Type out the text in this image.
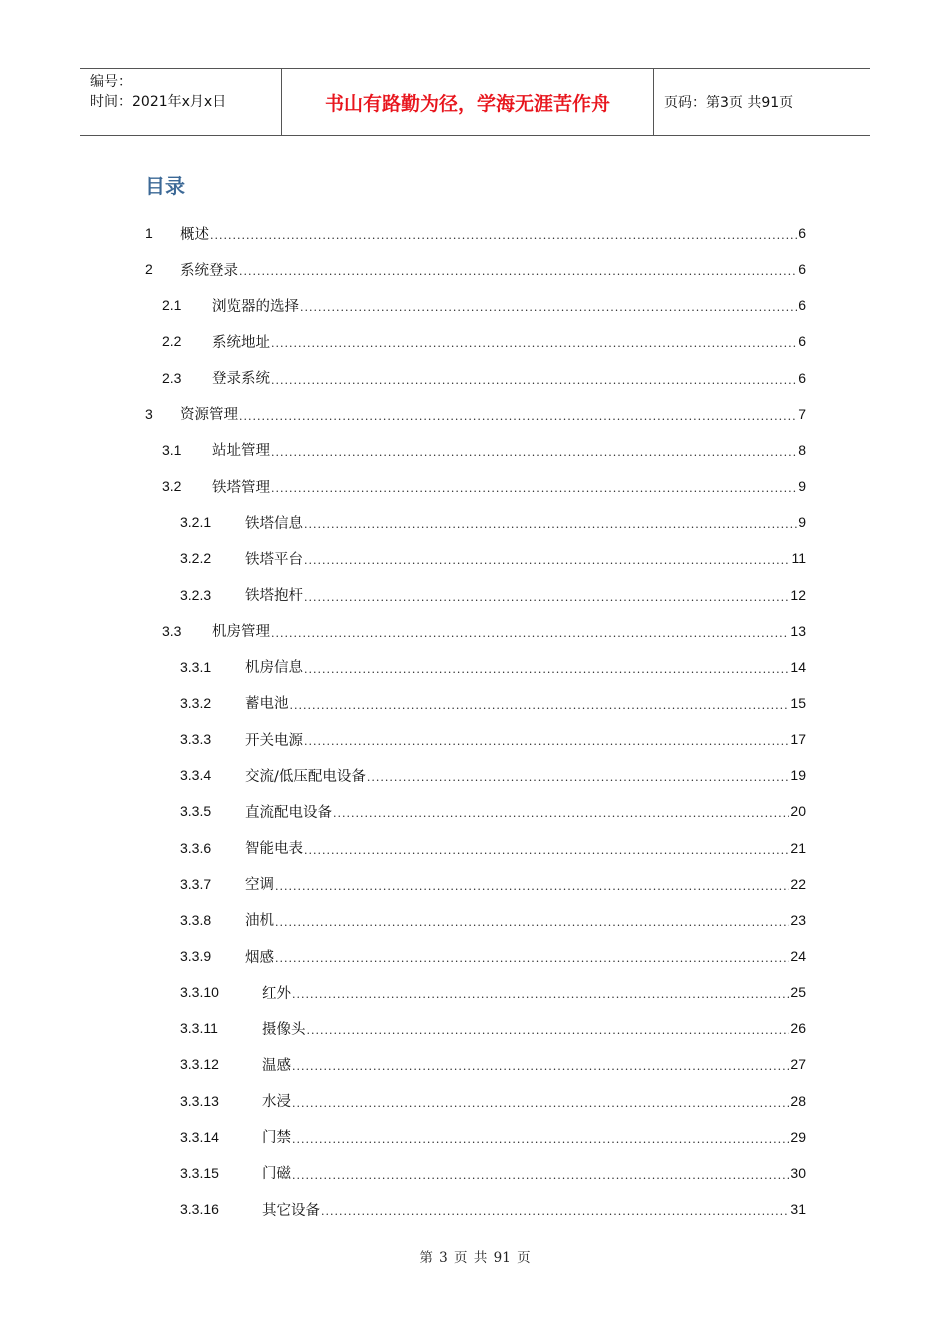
编号：
时间：2021年x月x日	书山有路勤为径，学海无涯苦作舟	页码：第3页 共91页
目录
1	概述 .....	6
2	系统登录 .....	6
2.1	浏览器的选择 .....	6
2.2	系统地址 .....	6
2.3	登录系统 .....	6
3	资源管理 .....	7
3.1	站址管理 .....	8
3.2	铁塔管理 .....	9
3.2.1	铁塔信息 .....	9
3.2.2	铁塔平台 .....	11
3.2.3	铁塔抱杆 .....	12
3.3	机房管理 .....	13
3.3.1	机房信息 .....	14
3.3.2	蓄电池 .....	15
3.3.3	开关电源 .....	17
3.3.4	交流/低压配电设备 .....	19
3.3.5	直流配电设备 .....	20
3.3.6	智能电表 .....	21
3.3.7	空调 .....	22
3.3.8	油机 .....	23
3.3.9	烟感 .....	24
3.3.10	红外 .....	25
3.3.11	摄像头 .....	26
3.3.12	温感 .....	27
3.3.13	水浸 .....	28
3.3.14	门禁 .....	29
3.3.15	门磁 .....	30
3.3.16	其它设备 .....	31
第 3 页 共 91 页
